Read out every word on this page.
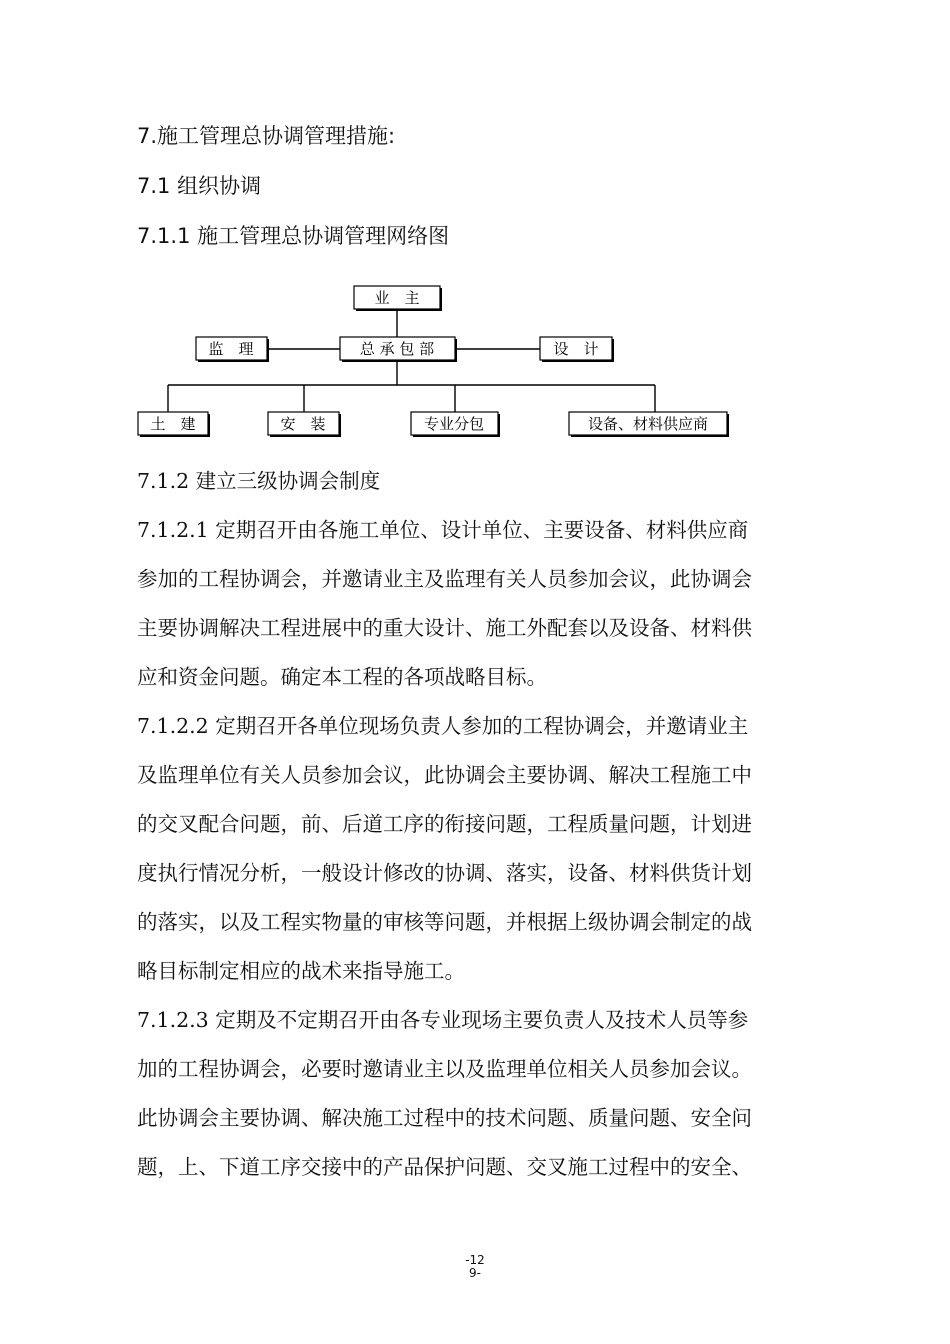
7.施工管理总协调管理措施:
7.1 组织协调
7.1.1 施工管理总协调管理网络图
业　主
监　理	总 承 包 部	设　计
土　建	安　装	专业分包	设备、材料供应商
7.1.2 建立三级协调会制度
7.1.2.1 定期召开由各施工单位、设计单位、主要设备、材料供应商
参加的工程协调会，并邀请业主及监理有关人员参加会议，此协调会
主要协调解决工程进展中的重大设计、施工外配套以及设备、材料供
应和资金问题。确定本工程的各项战略目标。
7.1.2.2 定期召开各单位现场负责人参加的工程协调会，并邀请业主
及监理单位有关人员参加会议，此协调会主要协调、解决工程施工中
的交叉配合问题，前、后道工序的衔接问题，工程质量问题，计划进
度执行情况分析，一般设计修改的协调、落实，设备、材料供货计划
的落实，以及工程实物量的审核等问题，并根据上级协调会制定的战
略目标制定相应的战术来指导施工。
7.1.2.3 定期及不定期召开由各专业现场主要负责人及技术人员等参
加的工程协调会，必要时邀请业主以及监理单位相关人员参加会议。
此协调会主要协调、解决施工过程中的技术问题、质量问题、安全问
题，上、下道工序交接中的产品保护问题、交叉施工过程中的安全、
-12
9-
